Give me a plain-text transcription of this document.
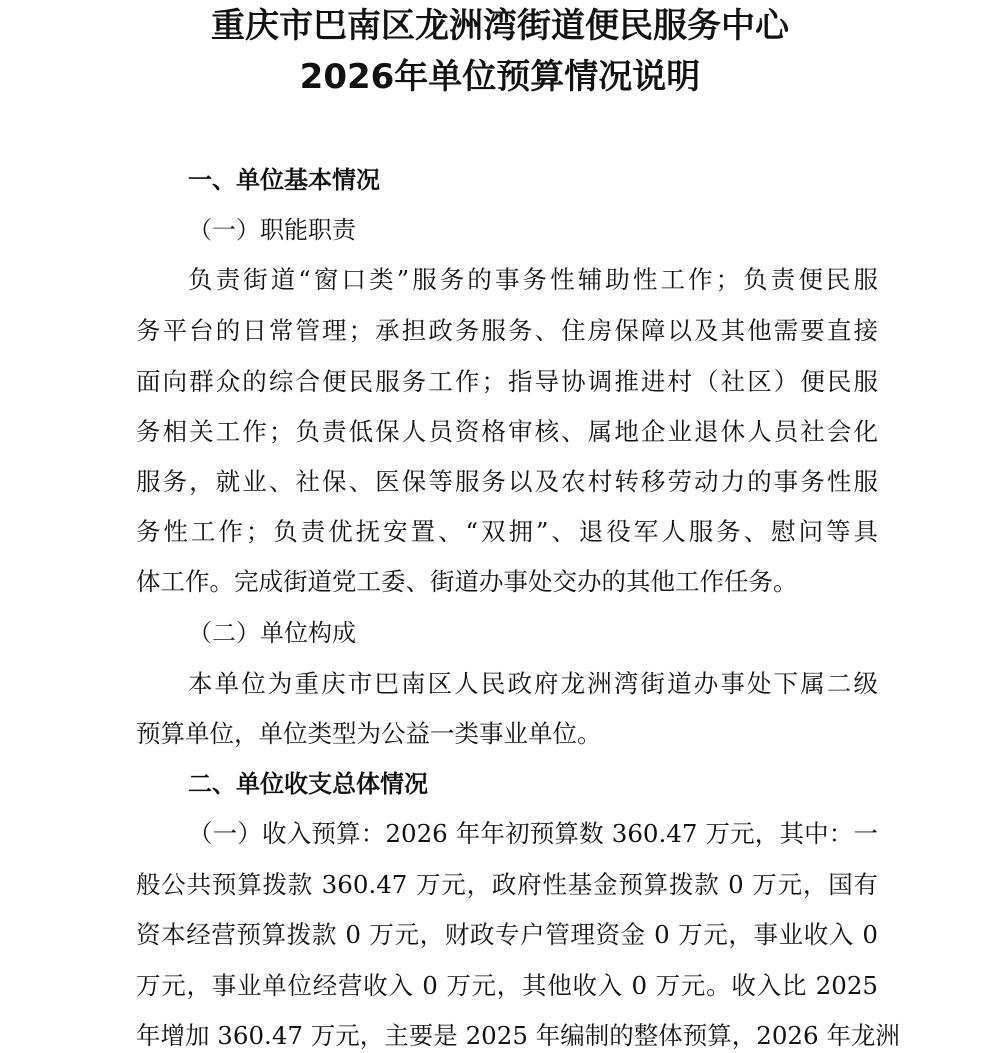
重庆市巴南区龙洲湾街道便民服务中心
2026年单位预算情况说明
一、单位基本情况
（一）职能职责
负责街道“窗口类”服务的事务性辅助性工作；负责便民服
务平台的日常管理；承担政务服务、住房保障以及其他需要直接
面向群众的综合便民服务工作；指导协调推进村（社区）便民服
务相关工作；负责低保人员资格审核、属地企业退休人员社会化
服务，就业、社保、医保等服务以及农村转移劳动力的事务性服
务性工作；负责优抚安置、“双拥”、退役军人服务、慰问等具
体工作。完成街道党工委、街道办事处交办的其他工作任务。
（二）单位构成
本单位为重庆市巴南区人民政府龙洲湾街道办事处下属二级
预算单位，单位类型为公益一类事业单位。
二、单位收支总体情况
（一）收入预算：2026 年年初预算数 360.47 万元，其中：一
般公共预算拨款 360.47 万元，政府性基金预算拨款 0 万元，国有
资本经营预算拨款 0 万元，财政专户管理资金 0 万元，事业收入 0
万元，事业单位经营收入 0 万元，其他收入 0 万元。收入比 2025
年增加 360.47 万元，主要是 2025 年编制的整体预算，2026 年龙洲
